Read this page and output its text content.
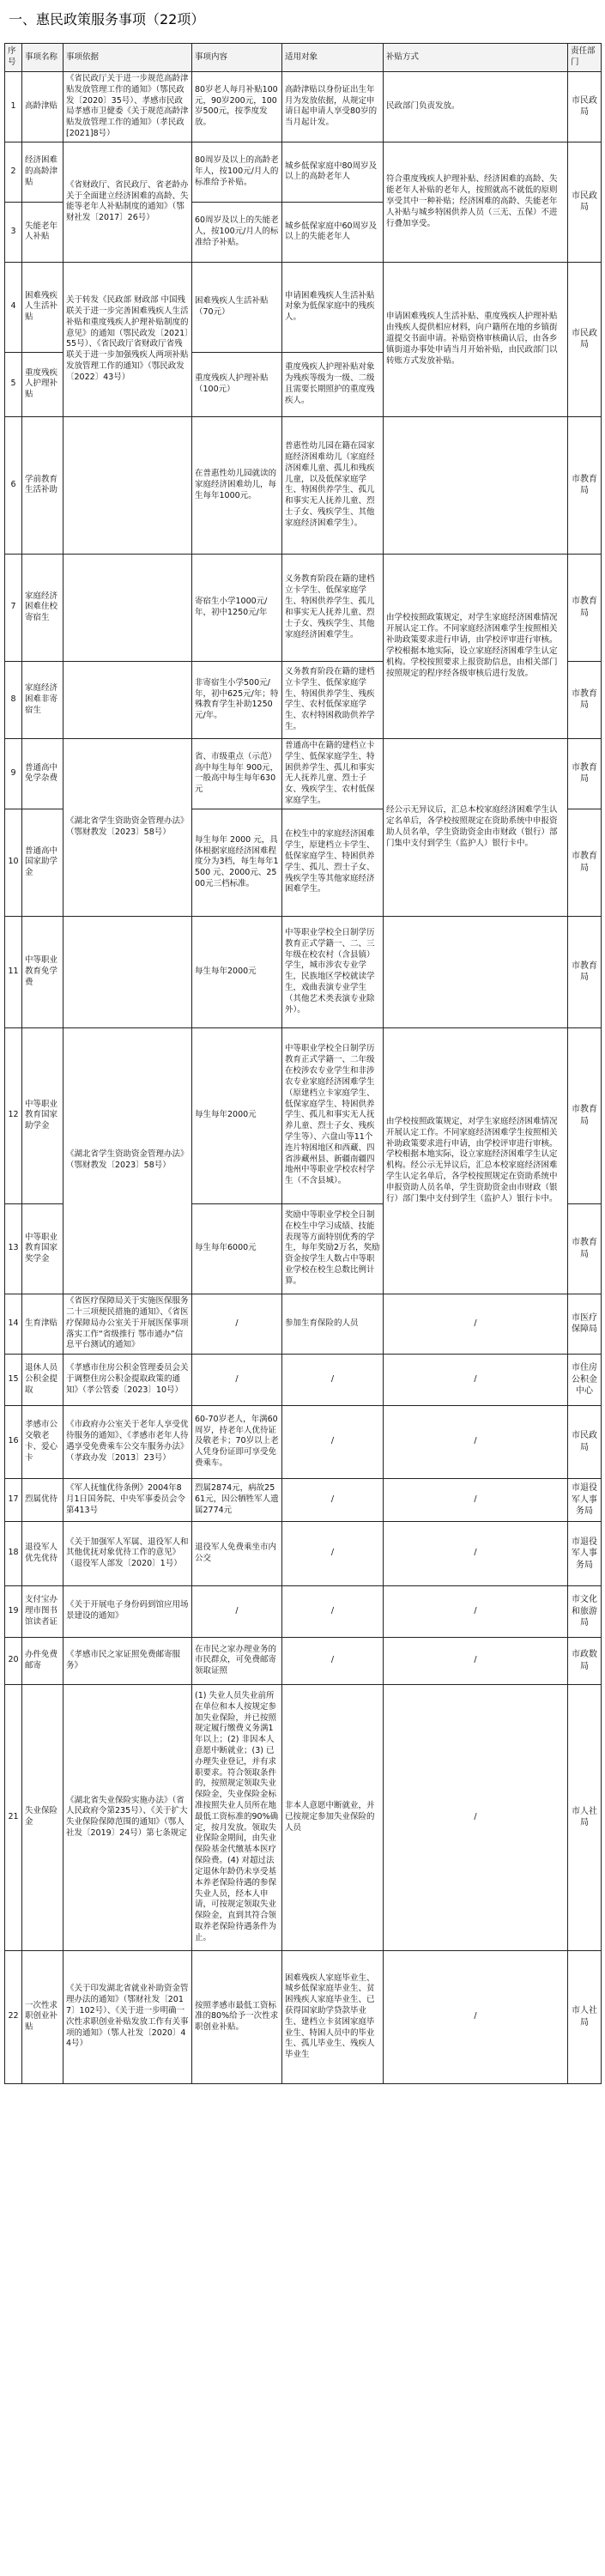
一、惠民政策服务事项（22项）
序号	事项名称	事项依据	事项内容	适用对象	补贴方式	责任部门
1	高龄津贴	《省民政厅关于进一步规范高龄津贴发放管理工作的通知》（鄂民政发〔2020〕35号）、孝感市民政局孝感市卫健委《关于规范高龄津贴发放管理工作的通知》（孝民政[2021]8号）	80岁老人每月补贴100元，90岁200元，100岁500元，按季度发放。	高龄津贴以身份证出生年月为发放依据，从规定申请日起申请人享受80岁的当月起计发。	民政部门负责发放。	市民政局
2	经济困难的高龄津贴	《省财政厅、省民政厅、省老龄办关于全面建立经济困难的高龄、失能等老年人补贴制度的通知》（鄂财社发〔2017〕26号）	80周岁及以上的高龄老年人，按100元/月人的标准给予补贴。	城乡低保家庭中80周岁及以上的高龄老年人	符合重度残疾人护理补贴、经济困难的高龄、失能老年人补贴的老年人，按照就高不就低的原则享受其中一种补贴；经济困难的高龄、失能老年人补贴与城乡特困供养人员（三无、五保）不进行叠加享受。	市民政局
3	失能老年人补贴		60周岁及以上的失能老人，按100元/月人的标准给予补贴。	城乡低保家庭中60周岁及以上的失能老年人		
4	困难残疾人生活补贴	关于转发《民政部 财政部 中国残联关于进一步完善困难残疾人生活补贴和重度残疾人护理补贴制度的意见》的通知（鄂民政发〔2021〕55号）、《省民政厅省财政厅省残联关于进一步加强残疾人两项补贴发放管理工作的通知》（鄂民政发〔2022〕43号）	困难残疾人生活补贴（70元）	申请困难残疾人生活补贴对象为低保家庭中的残疾人。	申请困难残疾人生活补贴、重度残疾人护理补贴由残疾人提供相应材料，向户籍所在地的乡镇街道提交书面申请。补贴资格审核确认后，由各乡镇街道办事处申请当月开始补贴，由民政部门以转账方式发放补贴。	市民政局
5	重度残疾人护理补贴		重度残疾人护理补贴（100元）	重度残疾人护理补贴对象为残疾等级为一级、二级且需要长期照护的重度残疾人。		
6	学前教育生活补助		在普惠性幼儿园就读的家庭经济困难幼儿，每生每年1000元。	普惠性幼儿园在籍在园家庭经济困难幼儿（家庭经济困难儿童、孤儿和残疾儿童，以及低保家庭学生、特困供养学生、孤儿和事实无人抚养儿童、烈士子女、残疾学生、其他家庭经济困难学生）。		市教育局
7	家庭经济困难住校寄宿生		寄宿生小学1000元/年，初中1250元/年	义务教育阶段在籍的建档立卡学生、低保家庭学生、特困供养学生、孤儿和事实无人抚养儿童、烈士子女、残疾学生、其他家庭经济困难学生。	由学校按照政策规定，对学生家庭经济困难情况开展认定工作。不同家庭经济困难学生按照相关补助政策要求进行申请，由学校评审进行审核。学校根据本地实际，设立家庭经济困难学生认定机构。学校按照要求上报资助信息，由相关部门按照规定的程序经各级审核后进行发放。	市教育局
8	家庭经济困难非寄宿生		非寄宿生小学500元/年，初中625元/年；特殊教育学生补助1250元/年。	义务教育阶段在籍的建档立卡学生、低保家庭学生、特困供养学生、残疾学生、农村低保家庭学生、农村特困救助供养学生。		市教育局
9	普通高中免学杂费	《湖北省学生资助资金管理办法》（鄂财教发〔2023〕58号）	省、市级重点（示范）高中每生每年 900元，一般高中每生每年630元	普通高中在籍的建档立卡学生、低保家庭学生、特困供养学生、孤儿和事实无人抚养儿童、烈士子女、残疾学生、农村低保家庭学生。	经公示无异议后，汇总本校家庭经济困难学生认定名单后，各学校按照规定在资助系统中申报资助人员名单，学生资助资金由市财政（银行）部门集中支付到学生（监护人）银行卡中。	市教育局
10	普通高中国家助学金		每生每年 2000 元，具体根据家庭经济困难程度分为3档，每生每年1500 元、2000元、2500元三档标准。	在校生中的家庭经济困难学生，原建档立卡学生、低保家庭学生、特困供养学生、孤儿、烈士子女、残疾学生等其他家庭经济困难学生。		市教育局
11	中等职业教育免学费		每生每年2000元	中等职业学校全日制学历教育正式学籍一、二、三年级在校农村（含县镇）学生，城市涉农专业学生，民族地区学校就读学生，戏曲表演专业学生（其他艺术类表演专业除外）。		市教育局
12	中等职业教育国家助学金	《湖北省学生资助资金管理办法》（鄂财教发〔2023〕58号）	每生每年2000元	中等职业学校全日制学历教育正式学籍一、二年级在校涉农专业学生和非涉农专业家庭经济困难学生（原建档立卡家庭学生、低保家庭学生、特困供养学生、孤儿和事实无人抚养儿童、烈士子女、残疾学生等）、六盘山等11个连片特困地区和西藏、四省涉藏州县、新疆南疆四地州中等职业学校农村学生（不含县城）。	由学校按照政策规定，对学生家庭经济困难情况开展认定工作。不同家庭经济困难学生按照相关补助政策要求进行申请，由学校评审进行审核。学校根据本地实际，设立家庭经济困难学生认定机构。经公示无异议后，汇总本校家庭经济困难学生认定名单后，各学校按照规定在资助系统中申报资助人员名单，学生资助资金由市财政（银行）部门集中支付到学生（监护人）银行卡中。	市教育局
13	中等职业教育国家奖学金		每生每年6000元	奖励中等职业学校全日制在校生中学习成绩、技能表现等方面特别优秀的学生，每年奖励2万名，奖励资金按学生人数占中等职业学校在校生总数比例计算。		市教育局
14	生育津贴	《省医疗保障局关于实施医保服务二十三项便民措施的通知》、《省医疗保障局办公室关于开展医保事项落实工作“省级推行 鄂市通办”信息平台测试的通知》	/	参加生育保险的人员	/	市医疗保障局
15	退休人员公积金提取	《孝感市住房公积金管理委员会关于调整住房公积金提取政策的通知》（孝公管委〔2023〕10号）	/	/	/	市住房公积金中心
16	孝感市公交敬老卡、爱心卡	《市政府办公室关于老年人享受优待服务的通知》、《孝感市老年人待遇享受免费乘车公交车服务办法》（孝政办发〔2013〕23号）	60-70岁老人，年满60周岁，持老年人优待证及敬老卡；70岁以上老人凭身份证即可享受免费乘车。	/	/	市民政局
17	烈属优待	《军人抚恤优待条例》2004年8月1日国务院、中央军事委员会令第413号	烈属2874元，病故2561元，因公牺牲军人遗属2774元	/	/	市退役军人事务局
18	退役军人优先优待	《关于加强军人军属、退役军人和其他优抚对象优待工作的意见》（退役军人部发〔2020〕1号）	退役军人免费乘坐市内公交	/	/	市退役军人事务局
19	支付宝办理市图书馆读者证	《关于开展电子身份码到馆应用场景建设的通知》	/	/	/	市文化和旅游局
20	办件免费邮寄	《孝感市民之家证照免费邮寄服务》	在市民之家办理业务的市民群众，可免费邮寄领取证照	/	/	市政数局
21	失业保险金	《湖北省失业保险实施办法》（省人民政府令第235号）、《关于扩大失业保险保障范围的通知》（鄂人社发〔2019〕24号）第七条规定	(1) 失业人员失业前所在单位和本人按规定参加失业保险，并已按照规定履行缴费义务满1年以上；(2) 非因本人意愿中断就业；(3) 已办理失业登记，并有求职要求。符合领取条件的，按照规定领取失业保险金，失业保险金标准按照失业人员所在地最低工资标准的90%确定，按月发放。领取失业保险金期间，由失业保险基金代缴基本医疗保险费。(4) 对超过法定退休年龄仍未享受基本养老保险待遇的参保失业人员，经本人申请，可按规定领取失业保险金，直到其符合领取养老保险待遇条件为止。	非本人意愿中断就业，并已按规定参加失业保险的人员	/	市人社局
22	一次性求职创业补贴	《关于印发湖北省就业补助资金管理办法的通知》（鄂财社发〔2017〕102号）、《关于进一步明确一次性求职创业补贴发放工作有关事项的通知》（鄂人社发〔2020〕44号）	按照孝感市最低工资标准的80%给予一次性求职创业补贴。	困难残疾人家庭毕业生、城乡低保家庭毕业生、贫困残疾人家庭毕业生、已获得国家助学贷款毕业生、建档立卡贫困家庭毕业生、特困人员中的毕业生、孤儿毕业生、残疾人毕业生	/	市人社局
